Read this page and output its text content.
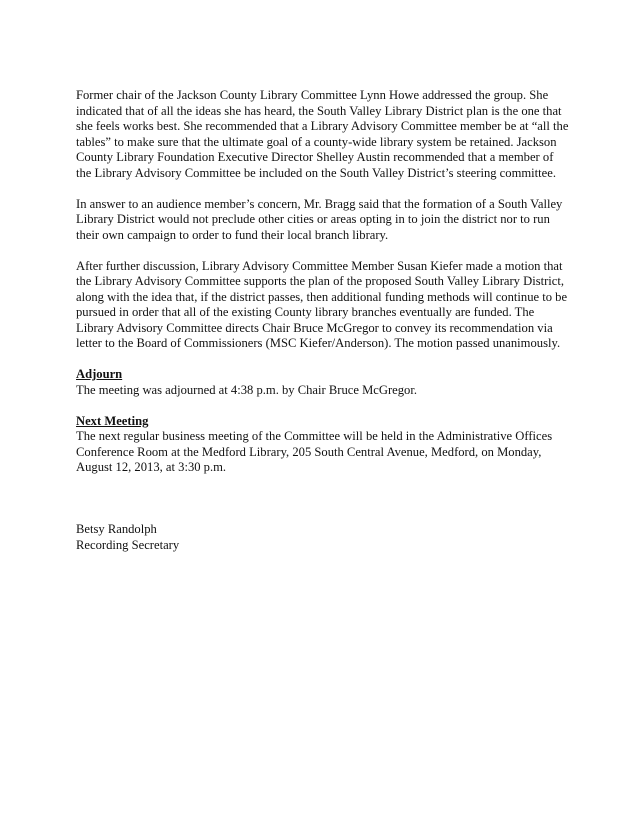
Former chair of the Jackson County Library Committee Lynn Howe addressed the group. She indicated that of all the ideas she has heard, the South Valley Library District plan is the one that she feels works best. She recommended that a Library Advisory Committee member be at “all the tables” to make sure that the ultimate goal of a county-wide library system be retained. Jackson County Library Foundation Executive Director Shelley Austin recommended that a member of the Library Advisory Committee be included on the South Valley District’s steering committee.

In answer to an audience member’s concern, Mr. Bragg said that the formation of a South Valley Library District would not preclude other cities or areas opting in to join the district nor to run their own campaign to order to fund their local branch library.

After further discussion, Library Advisory Committee Member Susan Kiefer made a motion that the Library Advisory Committee supports the plan of the proposed South Valley Library District, along with the idea that, if the district passes, then additional funding methods will continue to be pursued in order that all of the existing County library branches eventually are funded. The Library Advisory Committee directs Chair Bruce McGregor to convey its recommendation via letter to the Board of Commissioners (MSC Kiefer/Anderson). The motion passed unanimously.

Adjourn

The meeting was adjourned at 4:38 p.m. by Chair Bruce McGregor.

Next Meeting

The next regular business meeting of the Committee will be held in the Administrative Offices Conference Room at the Medford Library, 205 South Central Avenue, Medford, on Monday, August 12, 2013, at 3:30 p.m.

Betsy Randolph

Recording Secretary
